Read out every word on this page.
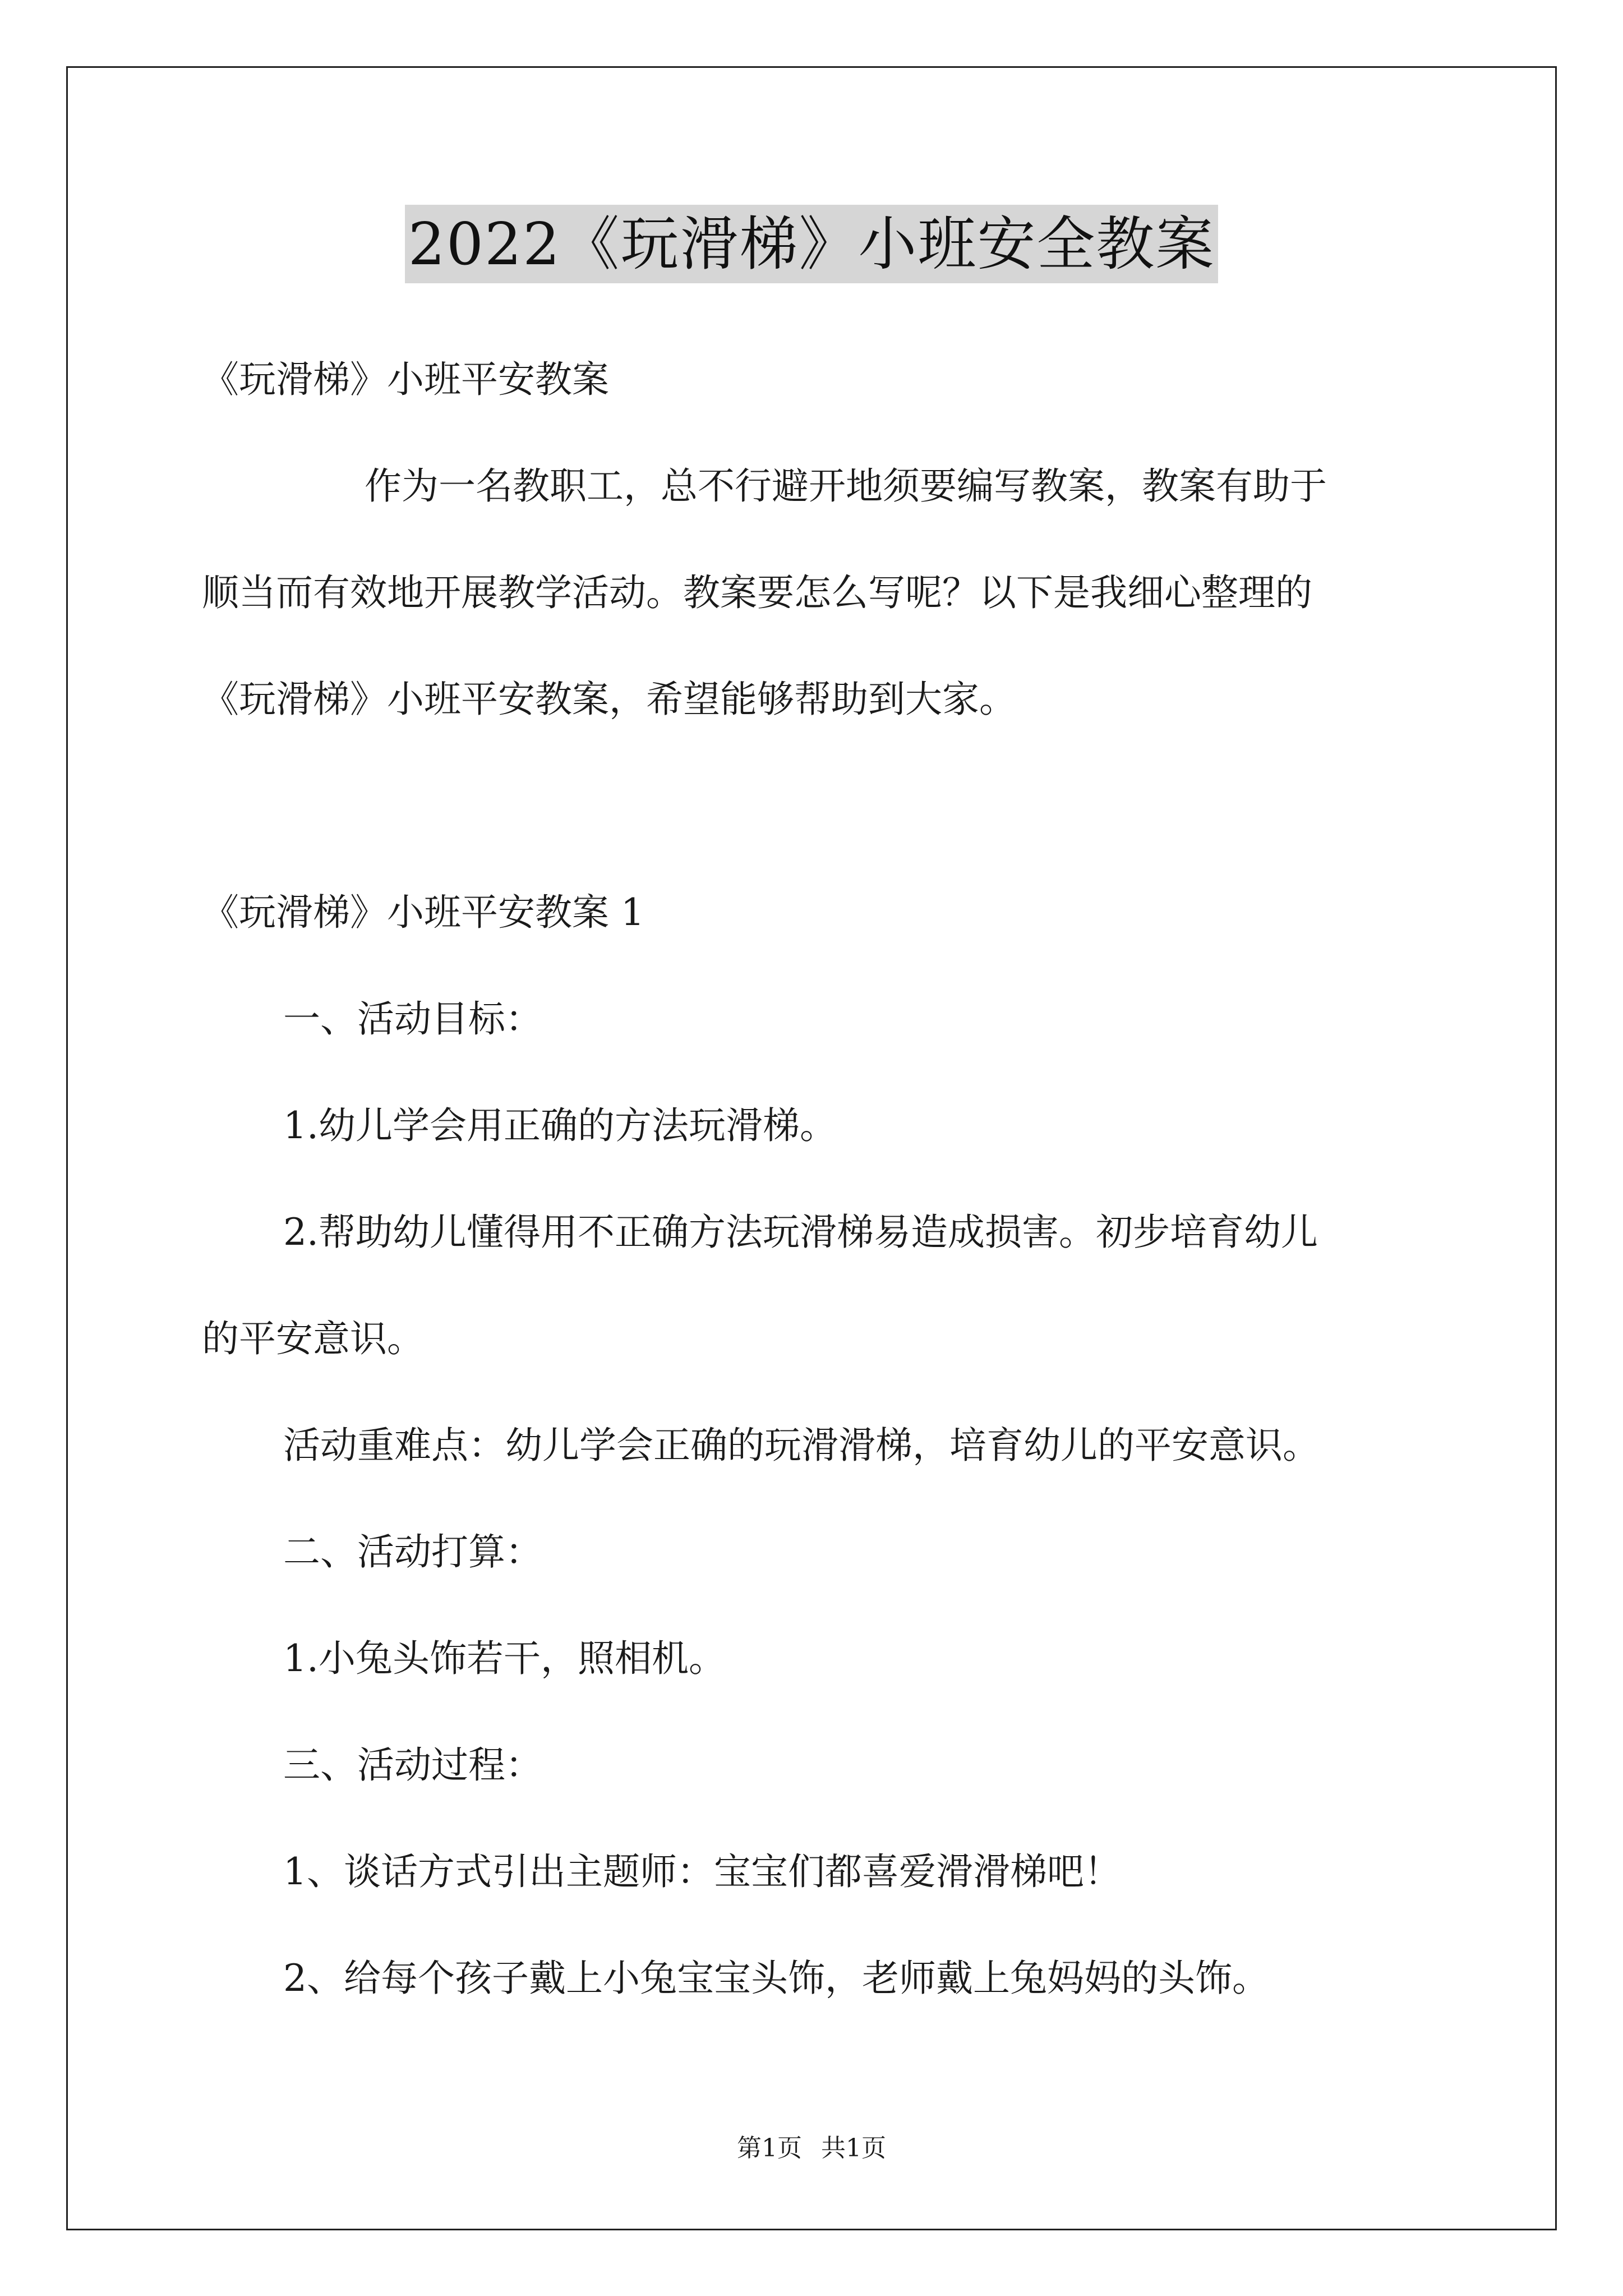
2022《玩滑梯》小班安全教案
《玩滑梯》小班平安教案
作为一名教职工，总不行避开地须要编写教案，教案有助于
顺当而有效地开展教学活动。教案要怎么写呢？以下是我细心整理的
《玩滑梯》小班平安教案，希望能够帮助到大家。
《玩滑梯》小班平安教案 1
一、活动目标：
1.幼儿学会用正确的方法玩滑梯。
2.帮助幼儿懂得用不正确方法玩滑梯易造成损害。初步培育幼儿
的平安意识。
活动重难点：幼儿学会正确的玩滑滑梯，培育幼儿的平安意识。
二、活动打算：
1.小兔头饰若干，照相机。
三、活动过程：
1、谈话方式引出主题师：宝宝们都喜爱滑滑梯吧！
2、给每个孩子戴上小兔宝宝头饰，老师戴上兔妈妈的头饰。
第1页 共1页
